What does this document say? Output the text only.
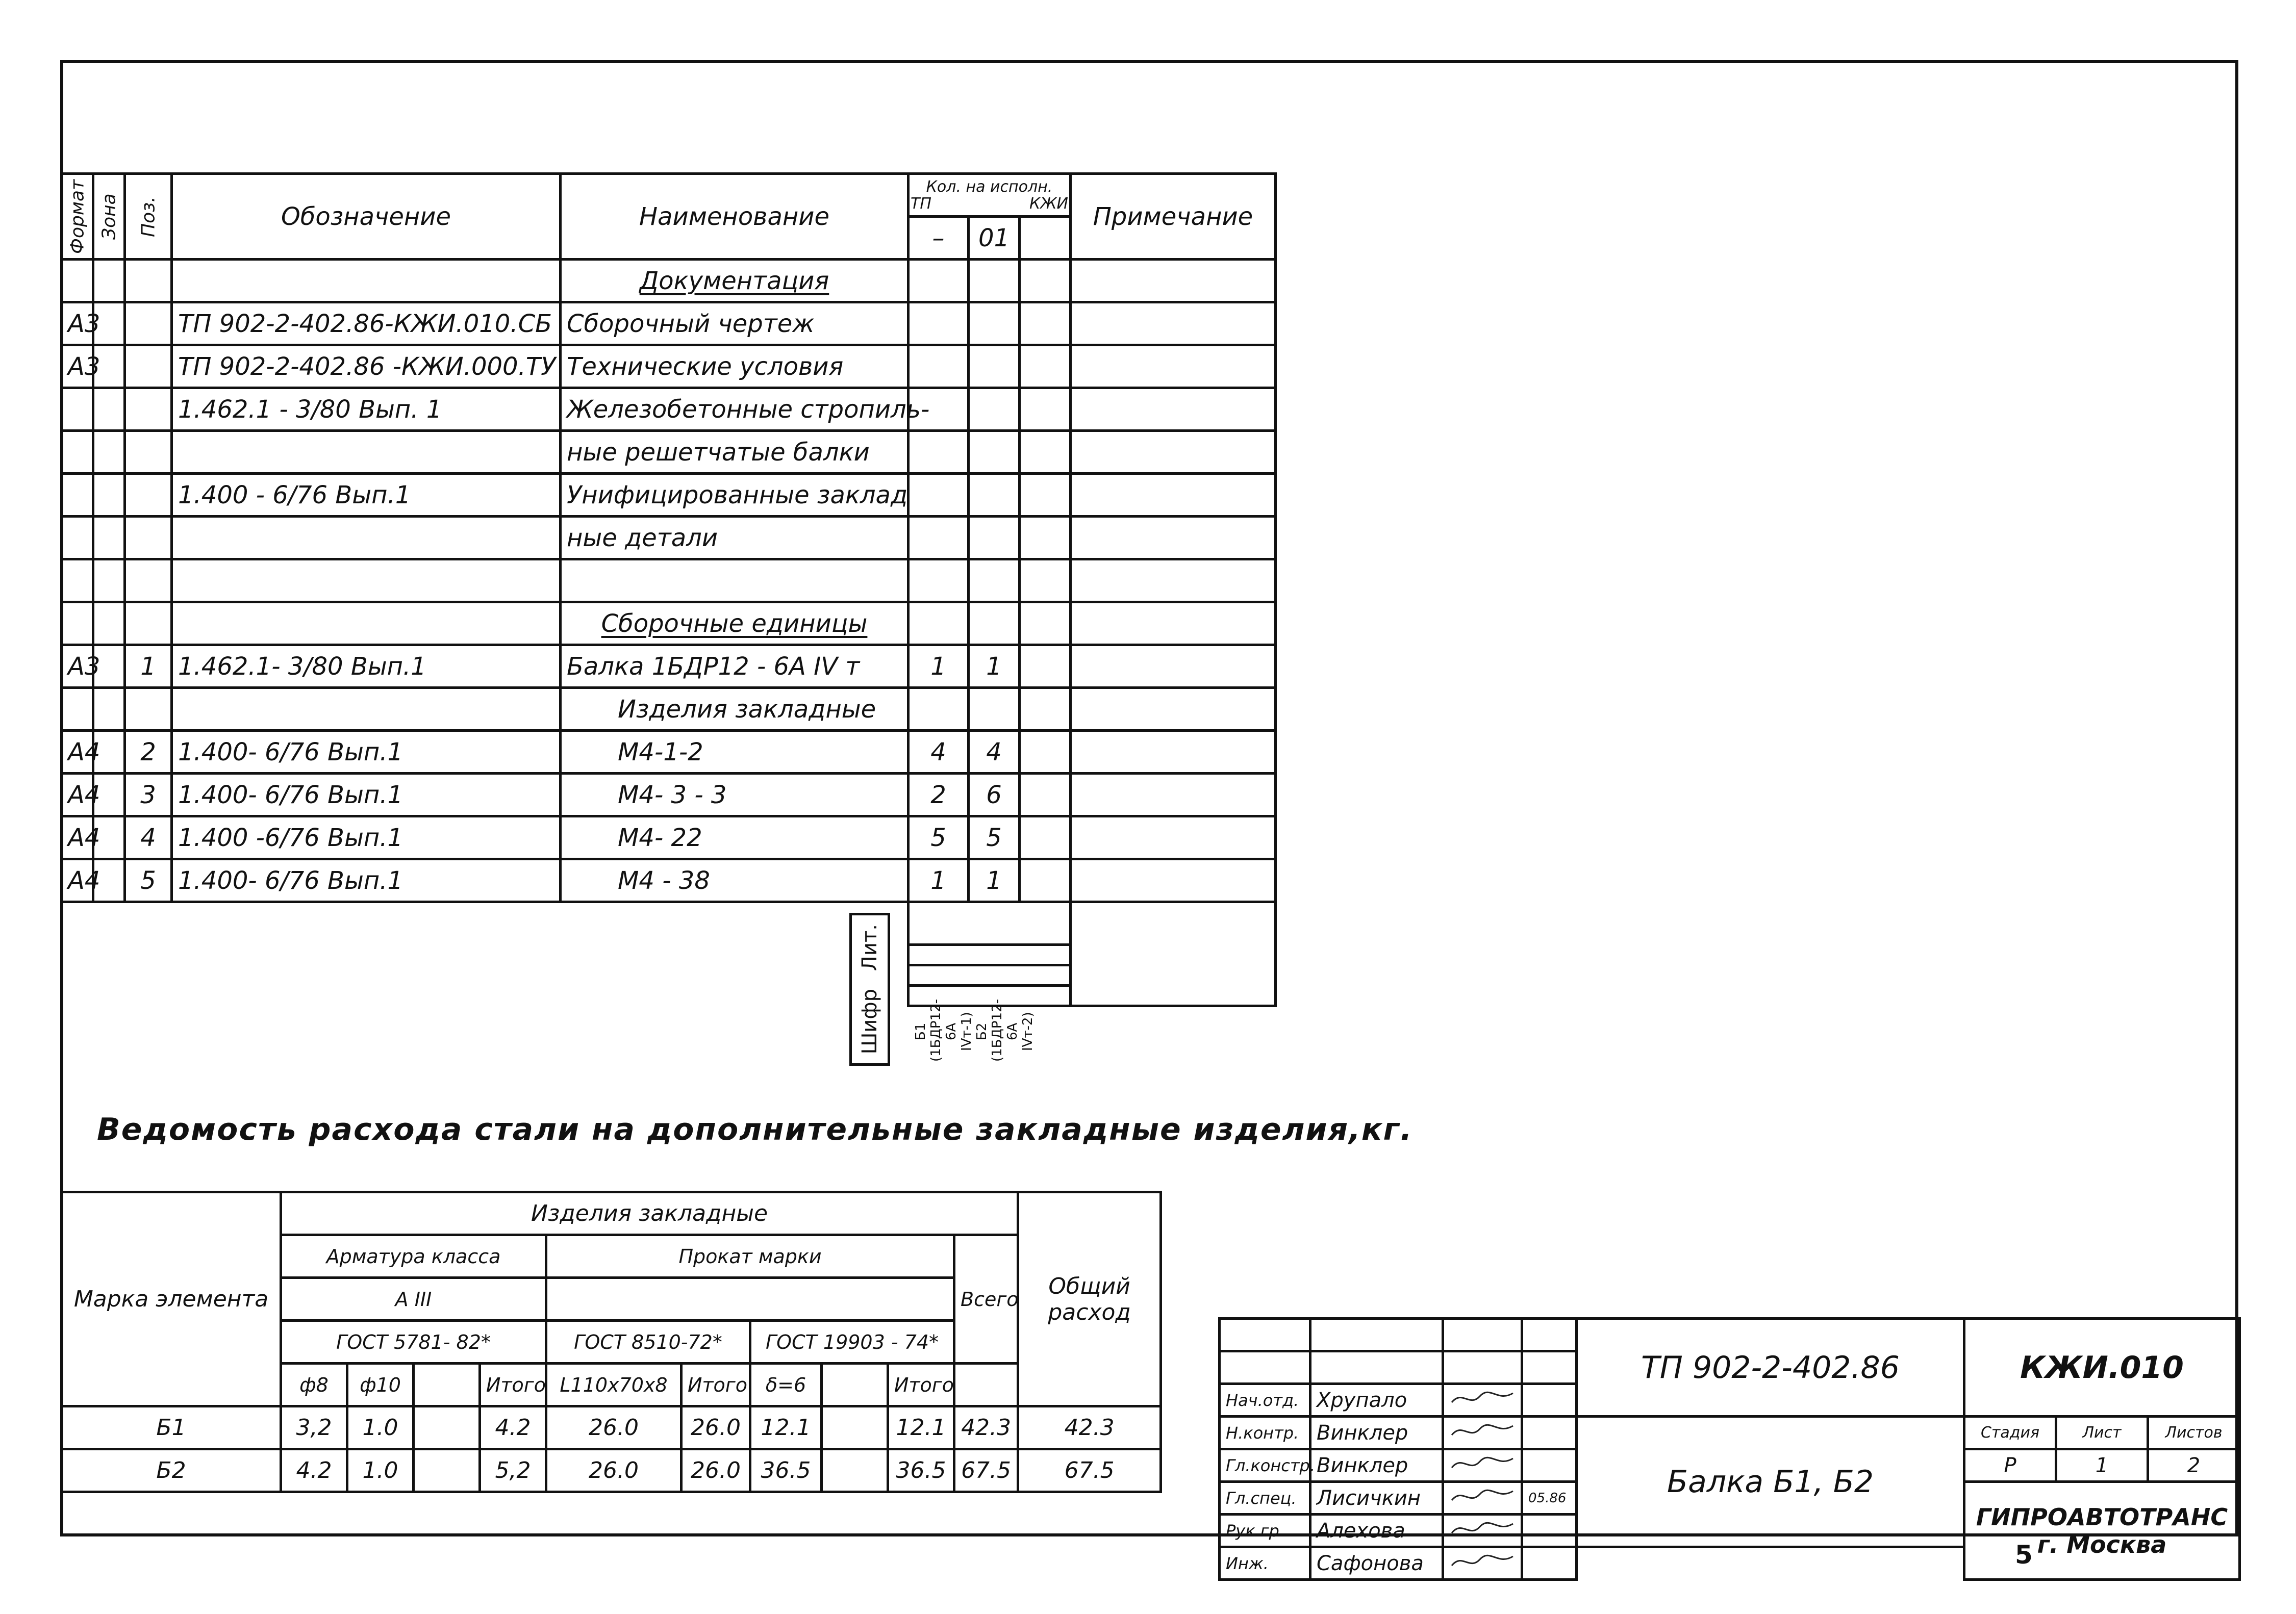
Формат	Зона	Поз.	Обозначение	Наименование	Кол. на исполн.
ТП КЖИ			Примечание
					–	01		
				Документация				
А3			ТП 902-2-402.86-КЖИ.010.СБ	Сборочный чертеж				
А3			ТП 902-2-402.86 -КЖИ.000.ТУ	Технические условия				
			1.462.1 - 3/80 Вып. 1	Железобетонные стропиль-				
				ные решетчатые балки				
			1.400 - 6/76 Вып.1	Унифицированные заклад				
				ные детали				

				Сборочные единицы				
А3		1	1.462.1- 3/80 Вып.1	Балка 1БДР12 - 6А IV т	1	1		
				Изделия закладные				
А4		2	1.400- 6/76 Вып.1	М4-1-2	4	4		
А4		3	1.400- 6/76 Вып.1	М4- 3 - 3	2	6		
А4		4	1.400 -6/76 Вып.1	М4- 22	5	5		
А4		5	1.400- 6/76 Вып.1	М4 - 38	1	1		

Лит.
Шифр Б1 (1БДР12-6А IVт-1) Б2 (1БДР12-6А IVт-2)
Ведомость расхода стали на дополнительные закладные изделия,кг.
Марка элемента	Изделия закладные										Общий расход
	Арматура класса				Прокат марки					Всего	
	А III										
	ГОСТ 5781- 82*				ГОСТ 8510-72*		ГОСТ 19903 - 74*				
	ф8	ф10		Итого	L110х70х8	Итого	δ=6		Итого		
Б1	3,2	1.0		4.2	26.0	26.0	12.1		12.1	42.3	42.3
Б2	4.2	1.0		5,2	26.0	26.0	36.5		36.5	67.5	67.5
				ТП 902-2-402.86	КЖИ.010		

Нач.отд.	Хрупало		
Н.контр.	Винклер			Балка Б1, Б2	Стадия	Лист	Листов
Гл.констр.	Винклер				Р	1	2
Гл.спец.	Лисичкин		05.86		ГИПРОАВТОТРАНС г. Москва		
Рук.гр.	Алехова		
Инж.	Сафонова				5
